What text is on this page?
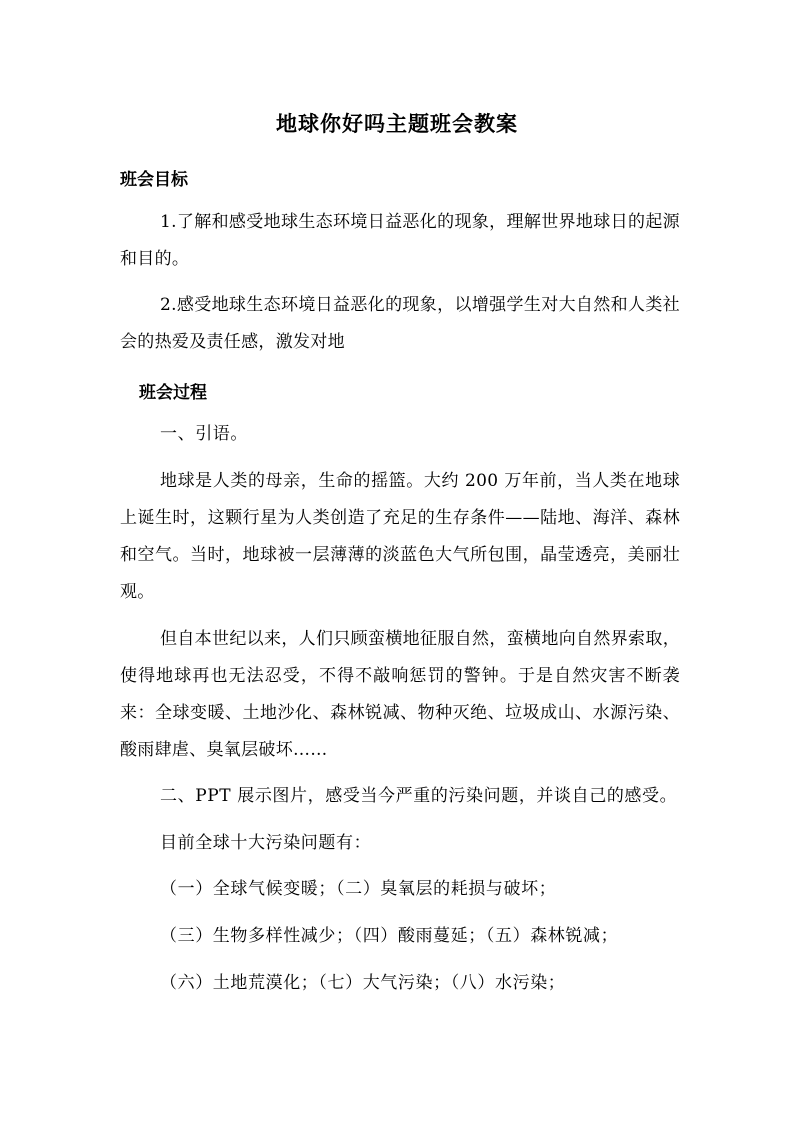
地球你好吗主题班会教案
班会目标
1.了解和感受地球生态环境日益恶化的现象，理解世界地球日的起源和目的。
2.感受地球生态环境日益恶化的现象，以增强学生对大自然和人类社会的热爱及责任感，激发对地
班会过程
一、引语。
地球是人类的母亲，生命的摇篮。大约 200 万年前，当人类在地球上诞生时，这颗行星为人类创造了充足的生存条件——陆地、海洋、森林和空气。当时，地球被一层薄薄的淡蓝色大气所包围，晶莹透亮，美丽壮观。
但自本世纪以来，人们只顾蛮横地征服自然，蛮横地向自然界索取，使得地球再也无法忍受，不得不敲响惩罚的警钟。于是自然灾害不断袭来：全球变暖、土地沙化、森林锐减、物种灭绝、垃圾成山、水源污染、酸雨肆虐、臭氧层破坏……
二、PPT 展示图片，感受当今严重的污染问题，并谈自己的感受。
目前全球十大污染问题有：
（一）全球气候变暖；（二）臭氧层的耗损与破坏；
（三）生物多样性减少；（四）酸雨蔓延；（五）森林锐减；
（六）土地荒漠化；（七）大气污染；（八）水污染；
